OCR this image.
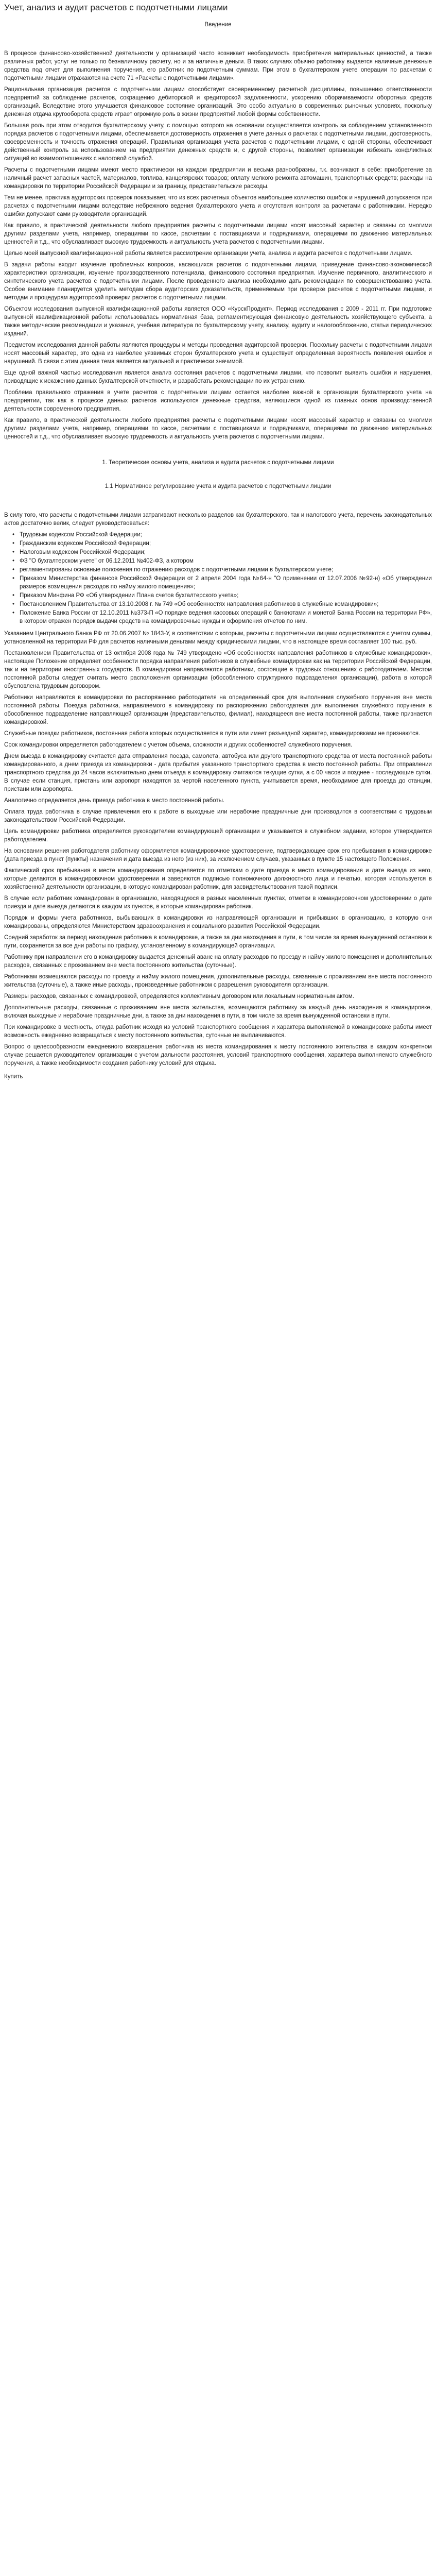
Учет, анализ и аудит расчетов с подотчетными лицами
Введение

В процессе финансово-хозяйственной деятельности у организаций часто возникает необходимость приобретения материальных ценностей, а также различных работ, услуг не только по безналичному расчету, но и за наличные деньги. В таких случаях обычно работнику выдается наличные денежные средства под отчет для выполнения поручения, его работник по подотчетным суммам. При этом в бухгалтерском учете операции по расчетам с подотчетными лицами отражаются на счете 71 «Расчеты с подотчетными лицами».

Рациональная организация расчетов с подотчетными лицами способствует своевременному расчетной дисциплины, повышению ответственности предприятий за соблюдение расчетов, сокращению дебиторской и кредиторской задолженности, ускорению оборачиваемости оборотных средств организаций. Вследствие этого улучшается финансовое состояние организаций. Это особо актуально в современных рыночных условиях, поскольку денежная отдача кругооборота средств играет огромную роль в жизни предприятий любой формы собственности.

Большая роль при этом отводится бухгалтерскому учету, с помощью которого на основании осуществляется контроль за соблюдением установленного порядка расчетов с подотчетными лицами, обеспечивается достоверность отражения в учете данных о расчетах с подотчетными лицами, достоверность, своевременность и точность отражения операций. Правильная организация учета расчетов с подотчетными лицами, с одной стороны, обеспечивает действенный контроль за использованием на предприятии денежных средств и, с другой стороны, позволяет организации избежать конфликтных ситуаций во взаимоотношениях с налоговой службой.

Расчеты с подотчетными лицами имеют место практически на каждом предприятии и весьма разнообразны, т.к. возникают в себе: приобретение за наличный расчет запасных частей, материалов, топлива, канцелярских товаров; оплату мелкого ремонта автомашин, транспортных средств; расходы на командировки по территории Российской Федерации и за границу, представительские расходы.

Тем не менее, практика аудиторских проверок показывает, что из всех расчетных объектов наибольшее количество ошибок и нарушений допускается при расчетах с подотчетными лицами вследствие небрежного ведения бухгалтерского учета и отсутствия контроля за расчетами с работниками. Нередко ошибки допускают сами руководители организаций.

Как правило, в практической деятельности любого предприятия расчеты с подотчетными лицами носят массовый характер и связаны со многими другими разделами учета, например, операциями по кассе, расчетами с поставщиками и подрядчиками, операциями по движению материальных ценностей и т.д., что обуславливает высокую трудоемкость и актуальность учета расчетов с подотчетными лицами.

Целью моей выпускной квалификационной работы является рассмотрение организации учета, анализа и аудита расчетов с подотчетными лицами.

В задачи работы входит изучение проблемных вопросов, касающихся расчетов с подотчетными лицами, приведение финансово-экономической характеристики организации, изучение производственного потенциала, финансового состояния предприятия. Изучение первичного, аналитического и синтетического учета расчетов с подотчетными лицами. После проведенного анализа необходимо дать рекомендации по совершенствованию учета. Особое внимание планируется уделить методам сбора аудиторских доказательств, применяемым при проверке расчетов с подотчетными лицами, и методам и процедурам аудиторской проверки расчетов с подотчетными лицами.

Объектом исследования выпускной квалификационной работы является ООО «КурскПродукт». Период исследования с 2009 - 2011 гг. При подготовке выпускной квалификационной работы использовалась нормативная база, регламентирующая финансовую деятельность хозяйствующего субъекта, а также методические рекомендации и указания, учебная литература по бухгалтерскому учету, анализу, аудиту и налогообложению, статьи периодических изданий.

Предметом исследования данной работы являются процедуры и методы проведения аудиторской проверки. Поскольку расчеты с подотчетными лицами носят массовый характер, это одна из наиболее уязвимых сторон бухгалтерского учета и существует определенная вероятность появления ошибок и нарушений. В связи с этим данная тема является актуальной и практически значимой.

Еще одной важной частью исследования является анализ состояния расчетов с подотчетными лицами, что позволит выявить ошибки и нарушения, приводящие к искажению данных бухгалтерской отчетности, и разработать рекомендации по их устранению.

Проблема правильного отражения в учете расчетов с подотчетными лицами остается наиболее важной в организации бухгалтерского учета на предприятии, так как в процессе данных расчетов используются денежные средства, являющиеся одной из главных основ производственной деятельности современного предприятия.

Как правило, в практической деятельности любого предприятия расчеты с подотчетными лицами носят массовый характер и связаны со многими другими разделами учета, например, операциями по кассе, расчетами с поставщиками и подрядчиками, операциями по движению материальных ценностей и т.д., что обуславливает высокую трудоемкость и актуальность учета расчетов с подотчетными лицами.

1. Теоретические основы учета, анализа и аудита расчетов с подотчетными лицами
1.1 Нормативное регулирование учета и аудита расчетов с подотчетными лицами

В силу того, что расчеты с подотчетными лицами затрагивают несколько разделов как бухгалтерского, так и налогового учета, перечень законодательных актов достаточно велик, следует руководствоваться:

• Трудовым кодексом Российской Федерации;
• Гражданским кодексом Российской Федерации;
• Налоговым кодексом Российской Федерации;
• ФЗ "О бухгалтерском учете" от 06.12.2011 №402-ФЗ, а котором
• регламентированы основные положения по отражению расходов с подотчетными лицами в бухгалтерском учете;
• Приказом Министерства финансов Российской Федерации от 2 апреля 2004 года №64-н "О применении от 12.07.2006 №92-н) «Об утверждении размеров возмещения расходов по найму жилого помещения»;
• Приказом Минфина РФ «Об утверждении Плана счетов бухгалтерского учета»;
• Постановлением Правительства от 13.10.2008 г. № 749 «Об особенностях направления работников в служебные командировки»;
• Положение Банка России от 12.10.2011 №373-П «О порядке ведения кассовых операций с банкнотами и монетой Банка России на территории РФ», в котором отражен порядок выдачи средств на командировочные нужды и оформления отчетов по ним.

Указанием Центрального Банка РФ от 20.06.2007 № 1843-У, в соответствии с которым, расчеты с подотчетными лицами осуществляются с учетом суммы, установленной на территории РФ для расчетов наличными деньгами между юридическими лицами, что в настоящее время составляет 100 тыс. руб.

Постановлением Правительства от 13 октября 2008 года № 749 утверждено «Об особенностях направления работников в служебные командировки», настоящее Положение определяет особенности порядка направления работников в служебные командировки как на территории Российской Федерации, так и на территории иностранных государств. В командировки направляются работники, состоящие в трудовых отношениях с работодателем. Местом постоянной работы следует считать место расположения организации (обособленного структурного подразделения организации), работа в которой обусловлена трудовым договором.

Работники направляются в командировки по распоряжению работодателя на определенный срок для выполнения служебного поручения вне места постоянной работы. Поездка работника, направляемого в командировку по распоряжению работодателя для выполнения служебного поручения в обособленное подразделение направляющей организации (представительство, филиал), находящееся вне места постоянной работы, также признается командировкой.

Служебные поездки работников, постоянная работа которых осуществляется в пути или имеет разъездной характер, командировками не признаются.

Срок командировки определяется работодателем с учетом объема, сложности и других особенностей служебного поручения.

Днем выезда в командировку считается дата отправления поезда, самолета, автобуса или другого транспортного средства от места постоянной работы командированного, а днем приезда из командировки - дата прибытия указанного транспортного средства в место постоянной работы. При отправлении транспортного средства до 24 часов включительно днем отъезда в командировку считаются текущие сутки, а с 00 часов и позднее - последующие сутки. В случае если станция, пристань или аэропорт находятся за чертой населенного пункта, учитывается время, необходимое для проезда до станции, пристани или аэропорта.

Аналогично определяется день приезда работника в место постоянной работы.

Оплата труда работника в случае привлечения его к работе в выходные или нерабочие праздничные дни производится в соответствии с трудовым законодательством Российской Федерации.

Цель командировки работника определяется руководителем командирующей организации и указывается в служебном задании, которое утверждается работодателем.

На основании решения работодателя работнику оформляется командировочное удостоверение, подтверждающее срок его пребывания в командировке (дата приезда в пункт (пункты) назначения и дата выезда из него (из них), за исключением случаев, указанных в пункте 15 настоящего Положения.

Фактический срок пребывания в месте командирования определяется по отметкам о дате приезда в место командирования и дате выезда из него, которые делаются в командировочном удостоверении и заверяются подписью полномочного должностного лица и печатью, которая используется в хозяйственной деятельности организации, в которую командирован работник, для засвидетельствования такой подписи.

В случае если работник командирован в организацию, находящуюся в разных населенных пунктах, отметки в командировочном удостоверении о дате приезда и дате выезда делаются в каждом из пунктов, в которые командирован работник.

Порядок и формы учета работников, выбывающих в командировки из направляющей организации и прибывших в организацию, в которую они командированы, определяются Министерством здравоохранения и социального развития Российской Федерации.

Средний заработок за период нахождения работника в командировке, а также за дни нахождения в пути, в том числе за время вынужденной остановки в пути, сохраняется за все дни работы по графику, установленному в командирующей организации.

Работнику при направлении его в командировку выдается денежный аванс на оплату расходов по проезду и найму жилого помещения и дополнительных расходов, связанных с проживанием вне места постоянного жительства (суточные).

Работникам возмещаются расходы по проезду и найму жилого помещения, дополнительные расходы, связанные с проживанием вне места постоянного жительства (суточные), а также иные расходы, произведенные работником с разрешения руководителя организации.

Размеры расходов, связанных с командировкой, определяются коллективным договором или локальным нормативным актом.

Дополнительные расходы, связанные с проживанием вне места жительства, возмещаются работнику за каждый день нахождения в командировке, включая выходные и нерабочие праздничные дни, а также за дни нахождения в пути, в том числе за время вынужденной остановки в пути.

При командировке в местность, откуда работник исходя из условий транспортного сообщения и характера выполняемой в командировке работы имеет возможность ежедневно возвращаться к месту постоянного жительства, суточные не выплачиваются.

Вопрос о целесообразности ежедневного возвращения работника из места командирования к месту постоянного жительства в каждом конкретном случае решается руководителем организации с учетом дальности расстояния, условий транспортного сообщения, характера выполняемого служебного поручения, а также необходимости создания работнику условий для отдыха.

Купить
